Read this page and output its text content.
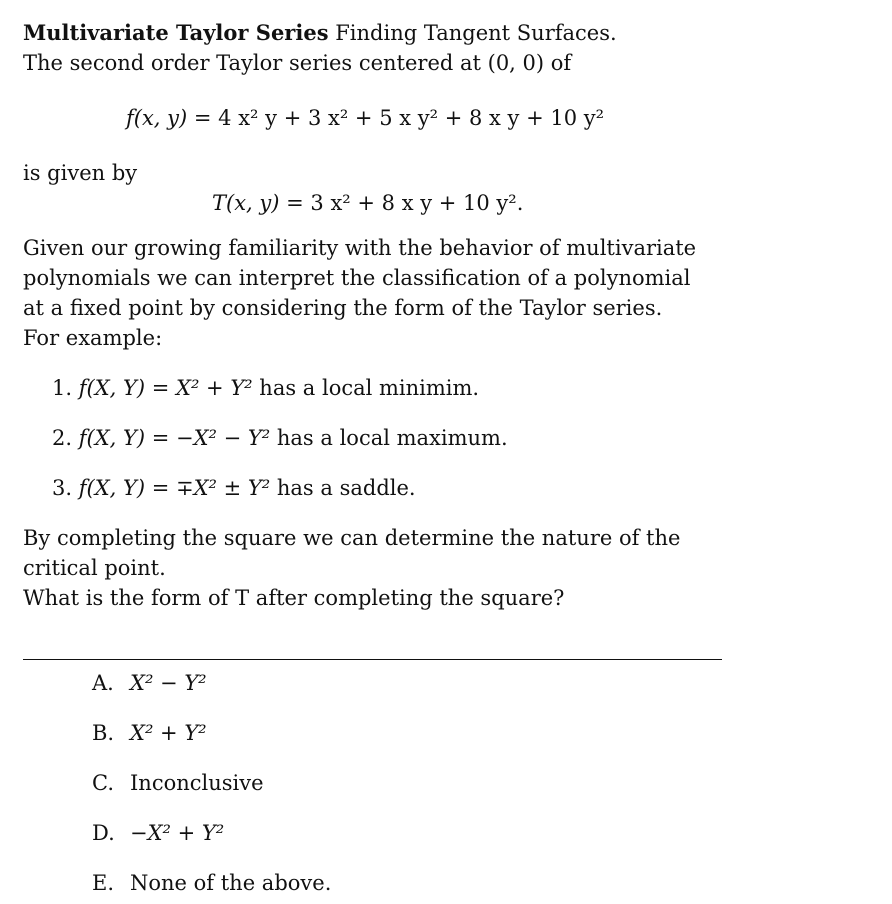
Multivariate Taylor Series Finding Tangent Surfaces.
The second order Taylor series centered at (0, 0) of
f(x, y) = 4 x² y + 3 x² + 5 x y² + 8 x y + 10 y²
is given by
T(x, y) = 3 x² + 8 x y + 10 y².
Given our growing familiarity with the behavior of multivariate
polynomials we can interpret the classification of a polynomial
at a fixed point by considering the form of the Taylor series.
For example:
1. f(X, Y) = X² + Y² has a local minimim.
2. f(X, Y) = −X² − Y² has a local maximum.
3. f(X, Y) = ∓X² ± Y² has a saddle.
By completing the square we can determine the nature of the
critical point.
What is the form of T after completing the square?
A. X² − Y²
B. X² + Y²
C. Inconclusive
D. −X² + Y²
E. None of the above.
